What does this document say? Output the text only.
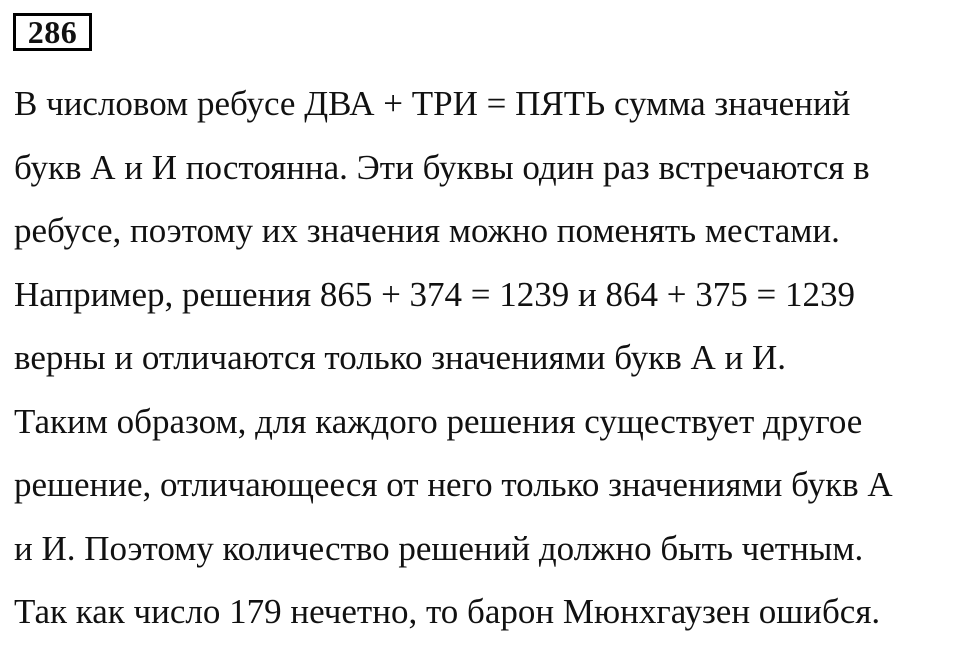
286
В числовом ребусе ДВА + ТРИ = ПЯТЬ сумма значений
букв А и И постоянна. Эти буквы один раз встречаются в
ребусе, поэтому их значения можно поменять местами.
Например, решения 865 + 374 = 1239 и 864 + 375 = 1239
верны и отличаются только значениями букв А и И.
Таким образом, для каждого решения существует другое
решение, отличающееся от него только значениями букв А
и И. Поэтому количество решений должно быть четным.
Так как число 179 нечетно, то барон Мюнхгаузен ошибся.
